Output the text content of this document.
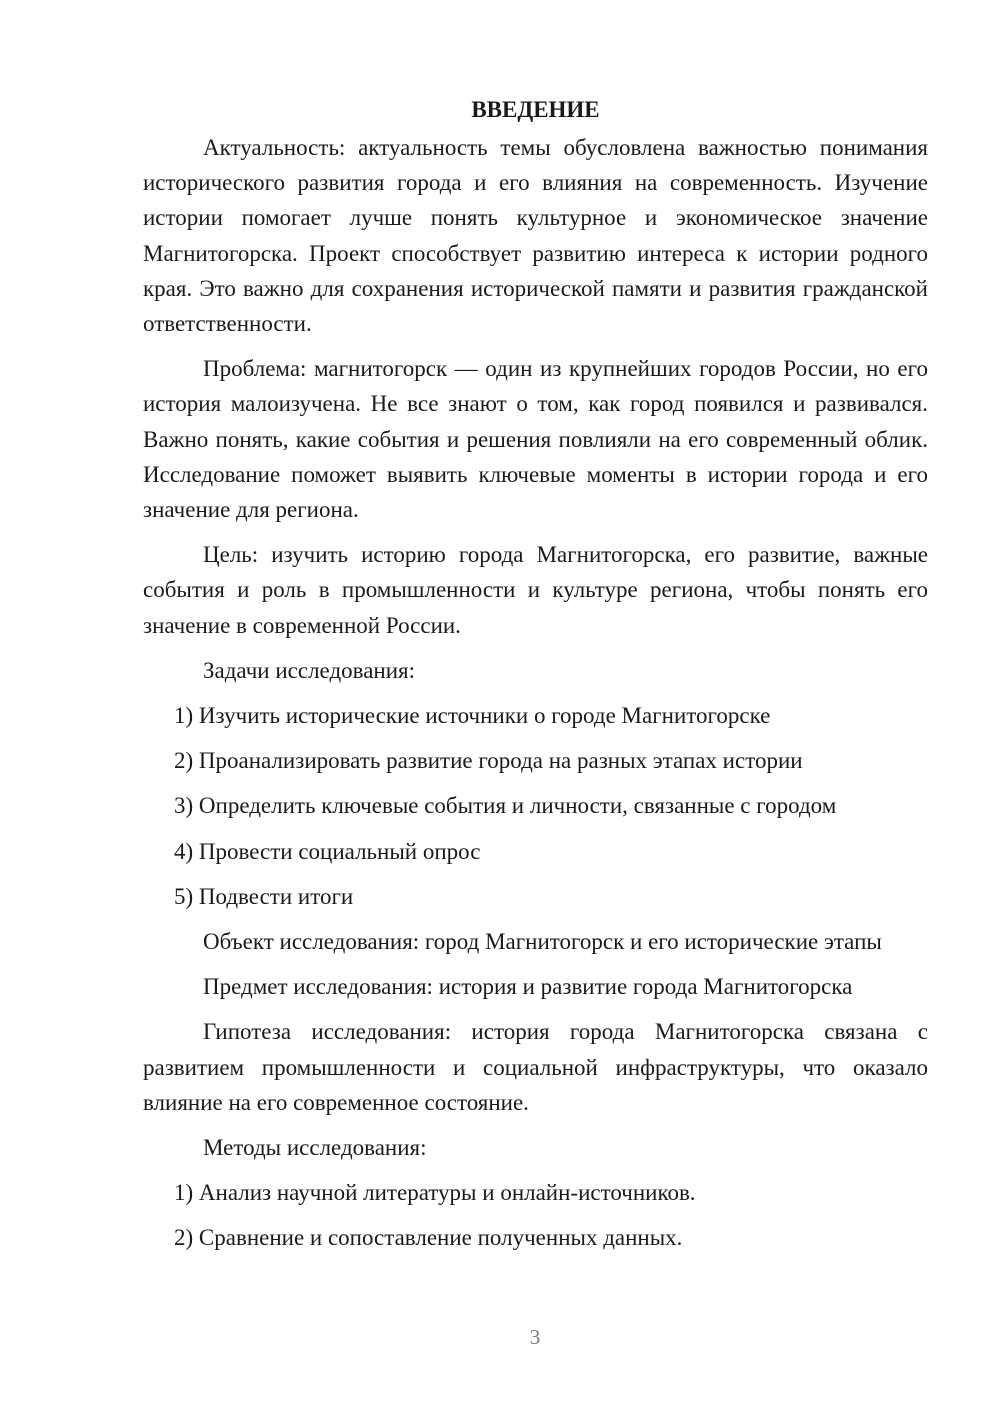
ВВЕДЕНИЕ

Актуальность: актуальность темы обусловлена важностью понимания исторического развития города и его влияния на современность. Изучение истории помогает лучше понять культурное и экономическое значение Магнитогорска. Проект способствует развитию интереса к истории родного края. Это важно для сохранения исторической памяти и развития гражданской ответственности.

Проблема: магнитогорск — один из крупнейших городов России, но его история малоизучена. Не все знают о том, как город появился и развивался. Важно понять, какие события и решения повлияли на его современный облик. Исследование поможет выявить ключевые моменты в истории города и его значение для региона.

Цель: изучить историю города Магнитогорска, его развитие, важные события и роль в промышленности и культуре региона, чтобы понять его значение в современной России.

Задачи исследования:

1) Изучить исторические источники о городе Магнитогорске
2) Проанализировать развитие города на разных этапах истории
3) Определить ключевые события и личности, связанные с городом
4) Провести социальный опрос
5) Подвести итоги

Объект исследования: город Магнитогорск и его исторические этапы

Предмет исследования: история и развитие города Магнитогорска

Гипотеза исследования: история города Магнитогорска связана с развитием промышленности и социальной инфраструктуры, что оказало влияние на его современное состояние.

Методы исследования:

1) Анализ научной литературы и онлайн-источников.
2) Сравнение и сопоставление полученных данных.
3
